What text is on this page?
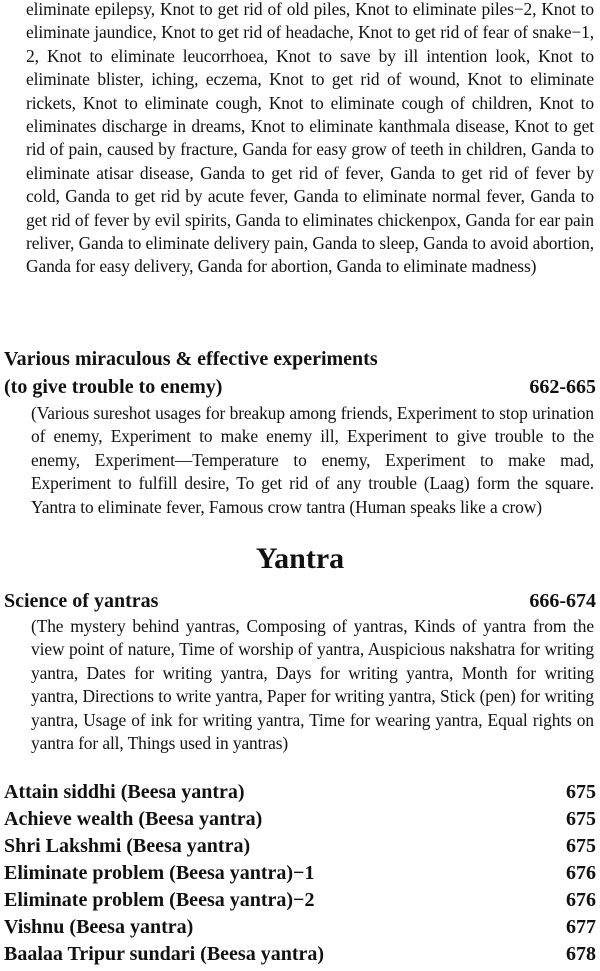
eliminate epilepsy, Knot to get rid of old piles, Knot to eliminate piles−2, Knot to eliminate jaundice, Knot to get rid of headache, Knot to get rid of fear of snake−1, 2, Knot to eliminate leucorrhoea, Knot to save by ill intention look, Knot to eliminate blister, iching, eczema, Knot to get rid of wound, Knot to eliminate rickets, Knot to eliminate cough, Knot to eliminate cough of children, Knot to eliminates discharge in dreams, Knot to eliminate kanthmala disease, Knot to get rid of pain, caused by fracture, Ganda for easy grow of teeth in children, Ganda to eliminate atisar disease, Ganda to get rid of fever, Ganda to get rid of fever by cold, Ganda to get rid by acute fever, Ganda to eliminate normal fever, Ganda to get rid of fever by evil spirits, Ganda to eliminates chickenpox, Ganda for ear pain reliver, Ganda to eliminate delivery pain, Ganda to sleep, Ganda to avoid abortion, Ganda for easy delivery, Ganda for abortion, Ganda to eliminate madness)

Various miraculous & effective experiments
(to give trouble to enemy)	662-665

(Various sureshot usages for breakup among friends, Experiment to stop urination of enemy, Experiment to make enemy ill, Experiment to give trouble to the enemy, Experiment—Temperature to enemy, Experiment to make mad, Experiment to fulfill desire, To get rid of any trouble (Laag) form the square. Yantra to eliminate fever, Famous crow tantra (Human speaks like a crow)

Yantra
Science of yantras	666-674

(The mystery behind yantras, Composing of yantras, Kinds of yantra from the view point of nature, Time of worship of yantra, Auspicious nakshatra for writing yantra, Dates for writing yantra, Days for writing yantra, Month for writing yantra, Directions to write yantra, Paper for writing yantra, Stick (pen) for writing yantra, Usage of ink for writing yantra, Time for wearing yantra, Equal rights on yantra for all, Things used in yantras)

Attain siddhi (Beesa yantra)	675
Achieve wealth (Beesa yantra)	675
Shri Lakshmi (Beesa yantra)	675
Eliminate problem (Beesa yantra)−1	676
Eliminate problem (Beesa yantra)−2	676
Vishnu (Beesa yantra)	677
Baalaa Tripur sundari (Beesa yantra)	678
